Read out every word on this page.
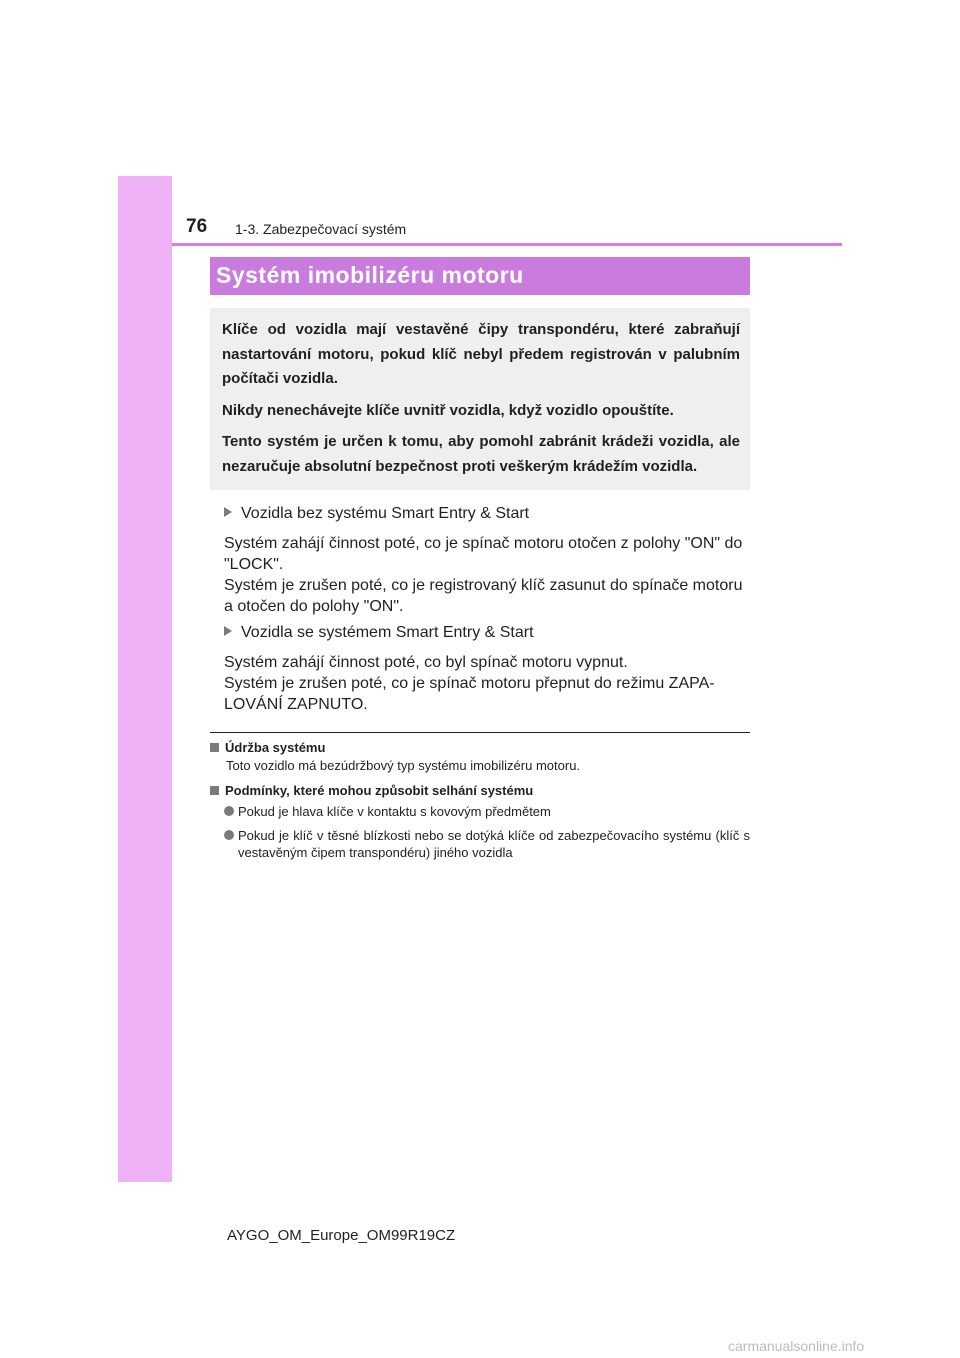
76 1-3. Zabezpečovací systém
Systém imobilizéru motoru

Klíče od vozidla mají vestavěné čipy transpondéru, které zabraňují nastartování motoru, pokud klíč nebyl předem registrován v palubním počítači vozidla.

Nikdy nenechávejte klíče uvnitř vozidla, když vozidlo opouštíte.

Tento systém je určen k tomu, aby pomohl zabránit krádeži vozidla, ale nezaručuje absolutní bezpečnost proti veškerým krádežím vozidla.

Vozidla bez systému Smart Entry & Start

Systém zahájí činnost poté, co je spínač motoru otočen z polohy "ON" do "LOCK".

Systém je zrušen poté, co je registrovaný klíč zasunut do spínače motoru a otočen do polohy "ON".

Vozidla se systémem Smart Entry & Start

Systém zahájí činnost poté, co byl spínač motoru vypnut.

Systém je zrušen poté, co je spínač motoru přepnut do režimu ZAPALOVÁNÍ ZAPNUTO.

Údržba systému
Toto vozidlo má bezúdržbový typ systému imobilizéru motoru.
Podmínky, které mohou způsobit selhání systému
Pokud je hlava klíče v kontaktu s kovovým předmětem
Pokud je klíč v těsné blízkosti nebo se dotýká klíče od zabezpečovacího systému (klíč s vestavěným čipem transpondéru) jiného vozidla
AYGO_OM_Europe_OM99R19CZ
carmanualsonline.info
